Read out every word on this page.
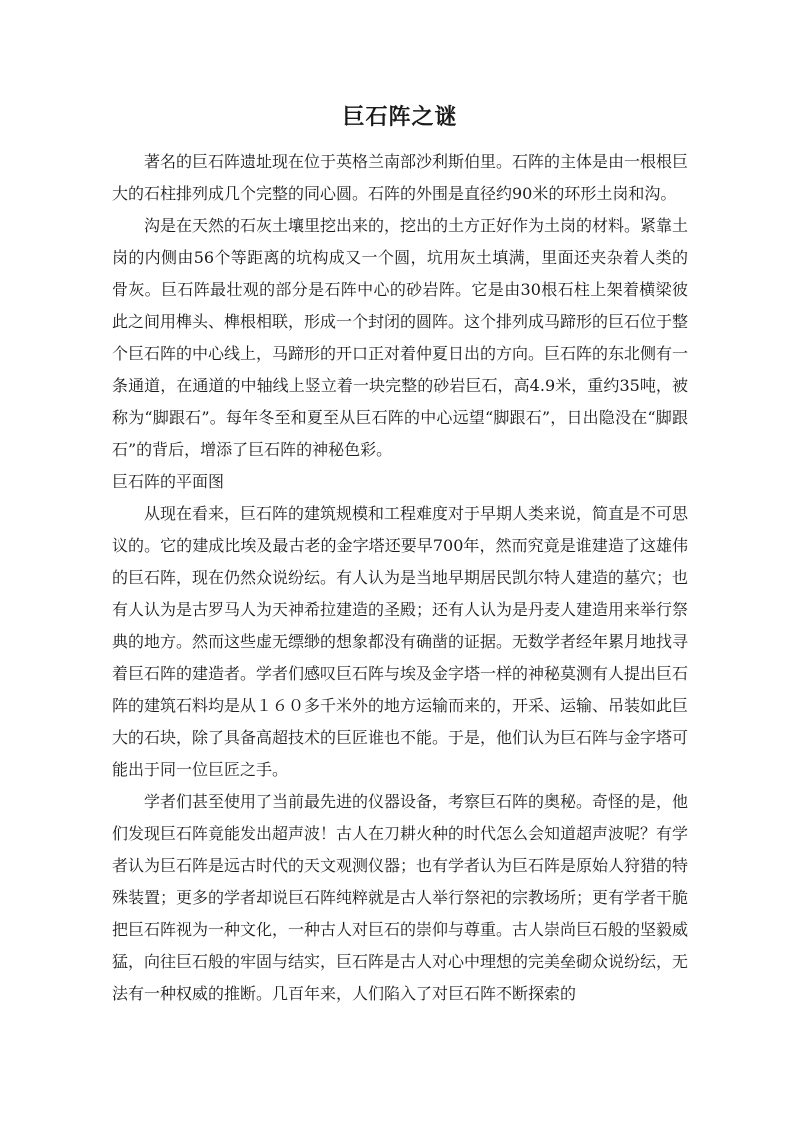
巨石阵之谜

著名的巨石阵遗址现在位于英格兰南部沙利斯伯里。石阵的主体是由一根根巨大的石柱排列成几个完整的同心圆。石阵的外围是直径约90米的环形土岗和沟。

沟是在天然的石灰土壤里挖出来的，挖出的土方正好作为土岗的材料。紧靠土岗的内侧由56个等距离的坑构成又一个圆，坑用灰土填满，里面还夹杂着人类的骨灰。巨石阵最壮观的部分是石阵中心的砂岩阵。它是由30根石柱上架着横梁彼此之间用榫头、榫根相联，形成一个封闭的圆阵。这个排列成马蹄形的巨石位于整个巨石阵的中心线上，马蹄形的开口正对着仲夏日出的方向。巨石阵的东北侧有一条通道，在通道的中轴线上竖立着一块完整的砂岩巨石，高4.9米，重约35吨，被称为“脚跟石”。每年冬至和夏至从巨石阵的中心远望“脚跟石”，日出隐没在“脚跟石”的背后，增添了巨石阵的神秘色彩。

巨石阵的平面图

从现在看来，巨石阵的建筑规模和工程难度对于早期人类来说，简直是不可思议的。它的建成比埃及最古老的金字塔还要早700年，然而究竟是谁建造了这雄伟的巨石阵，现在仍然众说纷纭。有人认为是当地早期居民凯尔特人建造的墓穴；也有人认为是古罗马人为天神希拉建造的圣殿；还有人认为是丹麦人建造用来举行祭典的地方。然而这些虚无缥缈的想象都没有确凿的证据。无数学者经年累月地找寻着巨石阵的建造者。学者们感叹巨石阵与埃及金字塔一样的神秘莫测有人提出巨石阵的建筑石料均是从１６０多千米外的地方运输而来的，开采、运输、吊装如此巨大的石块，除了具备高超技术的巨匠谁也不能。于是，他们认为巨石阵与金字塔可能出于同一位巨匠之手。

学者们甚至使用了当前最先进的仪器设备，考察巨石阵的奥秘。奇怪的是，他们发现巨石阵竟能发出超声波！古人在刀耕火种的时代怎么会知道超声波呢？有学者认为巨石阵是远古时代的天文观测仪器；也有学者认为巨石阵是原始人狩猎的特殊装置；更多的学者却说巨石阵纯粹就是古人举行祭祀的宗教场所；更有学者干脆把巨石阵视为一种文化，一种古人对巨石的崇仰与尊重。古人崇尚巨石般的坚毅威猛，向往巨石般的牢固与结实，巨石阵是古人对心中理想的完美垒砌众说纷纭，无法有一种权威的推断。几百年来，人们陷入了对巨石阵不断探索的
